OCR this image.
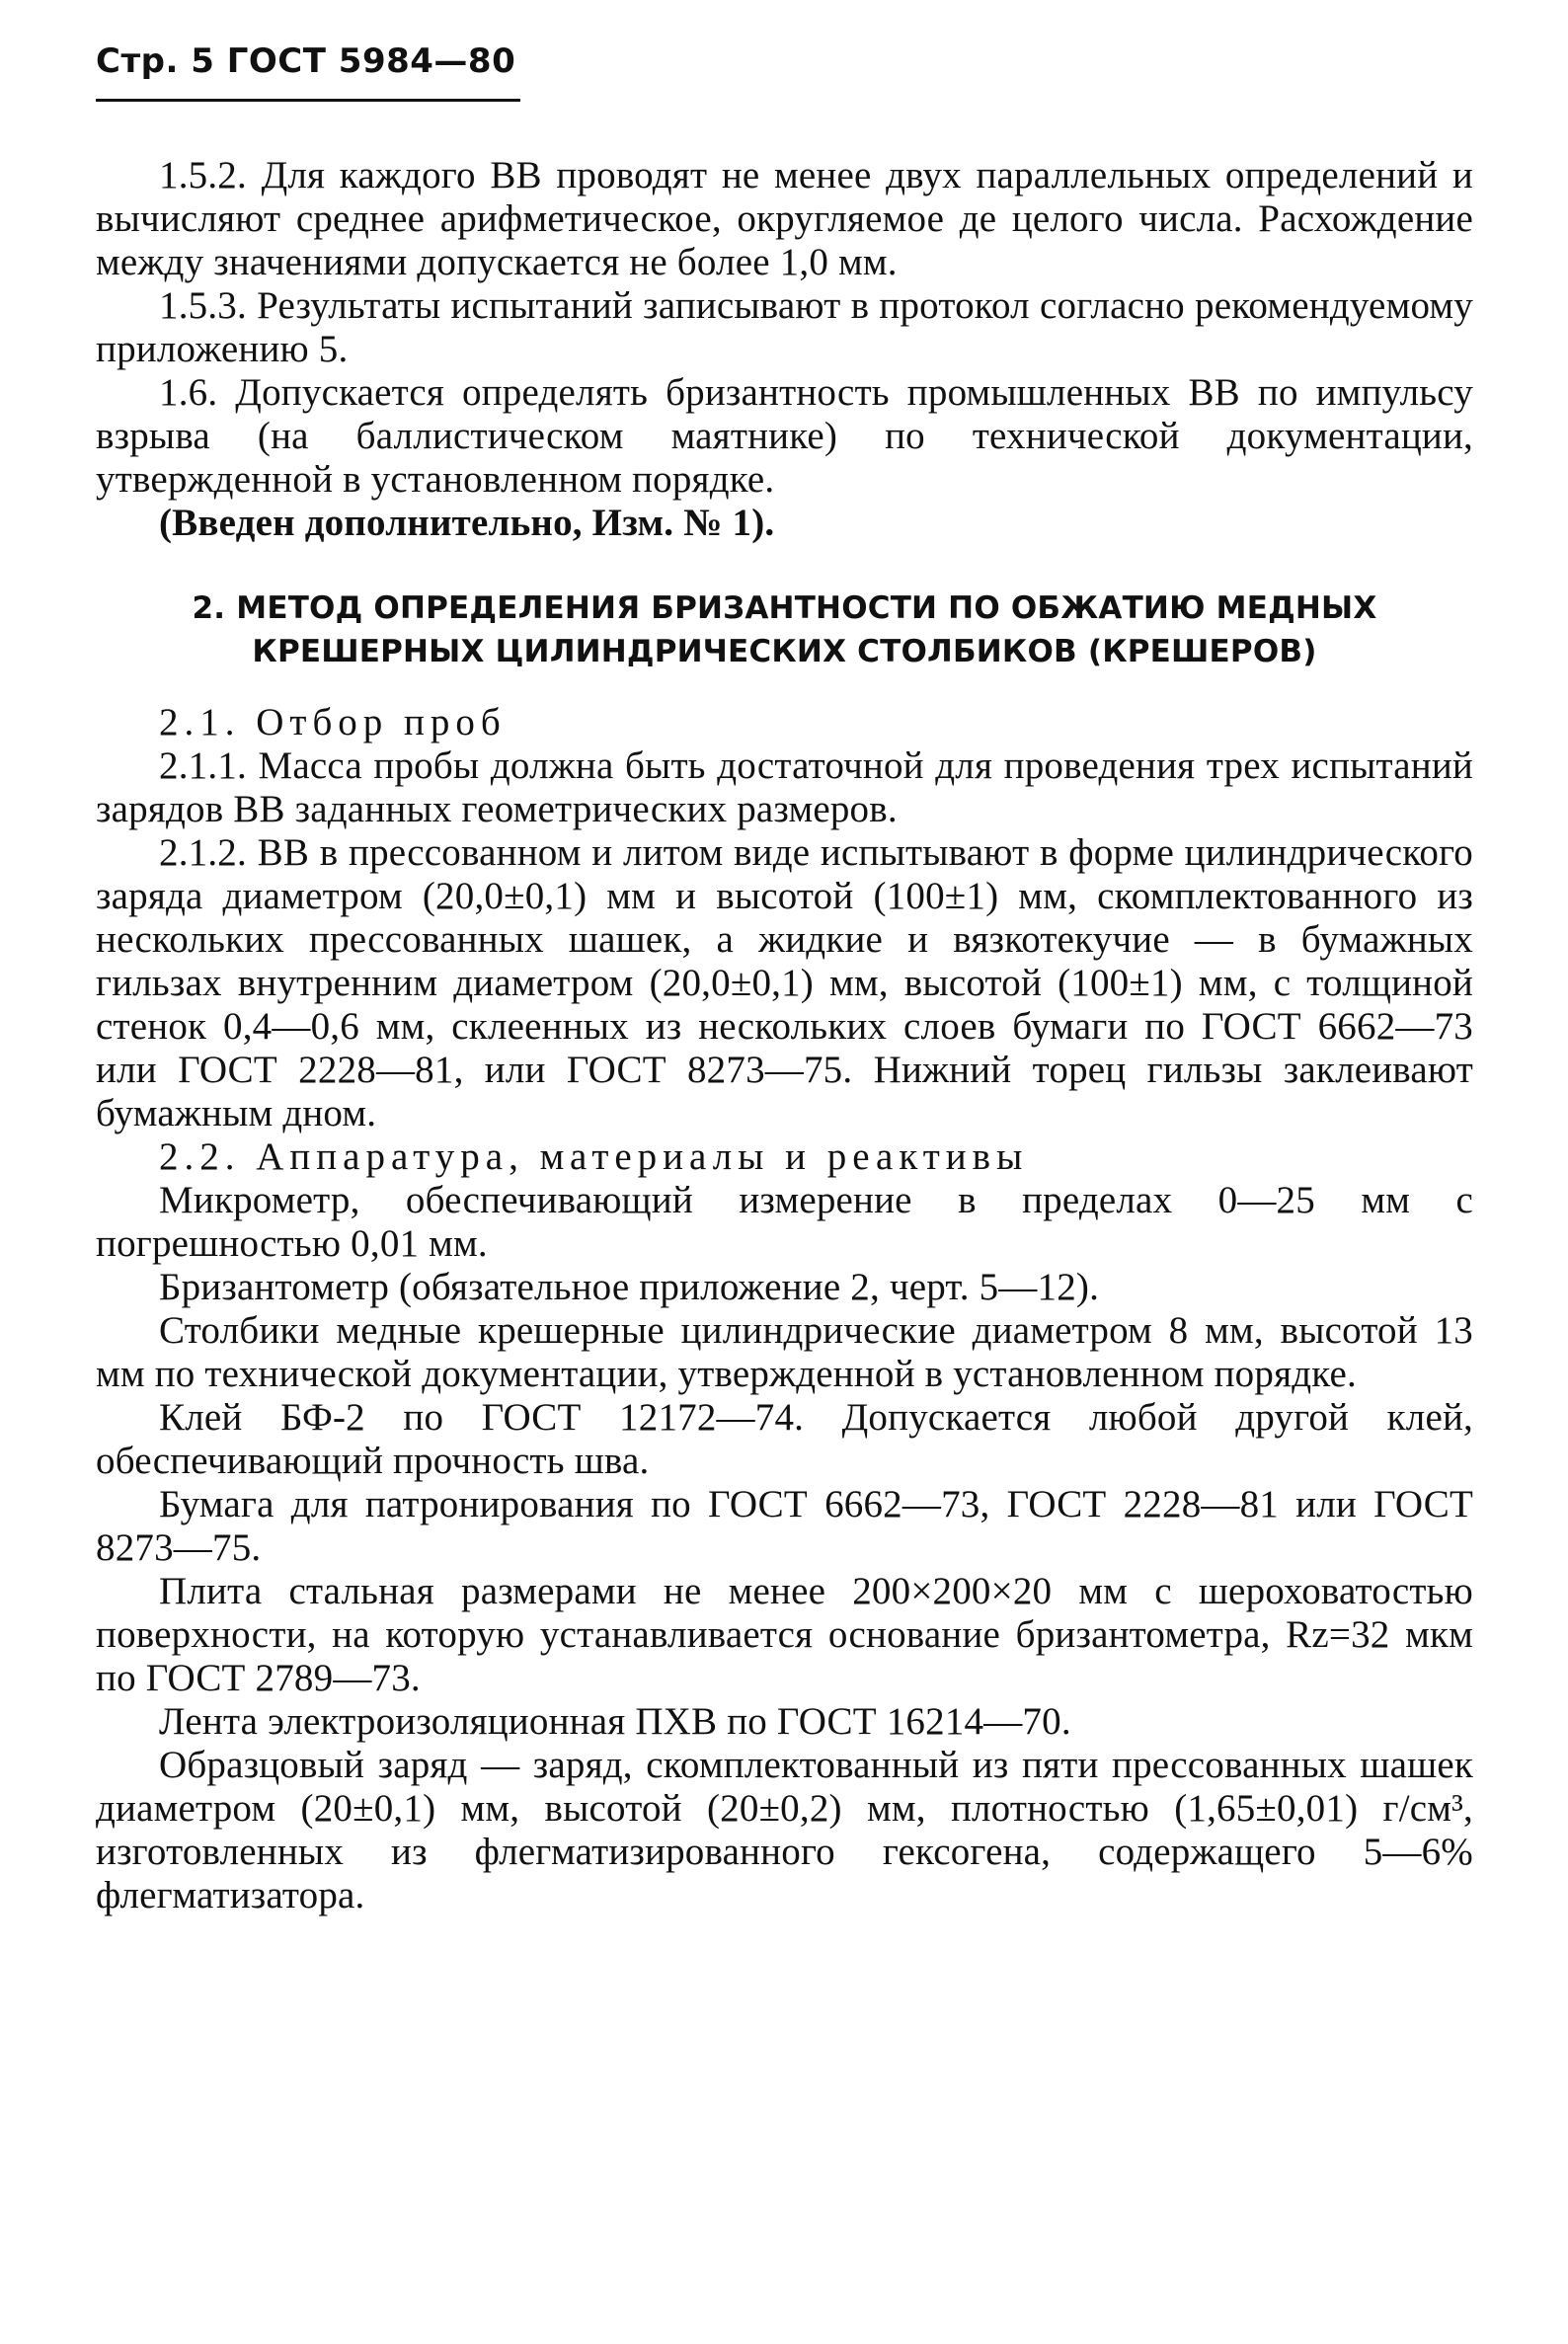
Стр. 5 ГОСТ 5984—80

1.5.2. Для каждого ВВ проводят не менее двух параллельных определений и вычисляют среднее арифметическое, округляемое де целого числа. Расхождение между значениями допускается не более 1,0 мм.

1.5.3. Результаты испытаний записывают в протокол согласно рекомендуемому приложению 5.

1.6. Допускается определять бризантность промышленных ВВ по импульсу взрыва (на баллистическом маятнике) по технической документации, утвержденной в установленном порядке.

(Введен дополнительно, Изм. № 1).

2. МЕТОД ОПРЕДЕЛЕНИЯ БРИЗАНТНОСТИ ПО ОБЖАТИЮ МЕДНЫХ КРЕШЕРНЫХ ЦИЛИНДРИЧЕСКИХ СТОЛБИКОВ (КРЕШЕРОВ)

2.1. Отбор проб

2.1.1. Масса пробы должна быть достаточной для проведения трех испытаний зарядов ВВ заданных геометрических размеров.

2.1.2. ВВ в прессованном и литом виде испытывают в форме цилиндрического заряда диаметром (20,0±0,1) мм и высотой (100±1) мм, скомплектованного из нескольких прессованных шашек, а жидкие и вязкотекучие — в бумажных гильзах внутренним диаметром (20,0±0,1) мм, высотой (100±1) мм, с толщиной стенок 0,4—0,6 мм, склеенных из нескольких слоев бумаги по ГОСТ 6662—73 или ГОСТ 2228—81, или ГОСТ 8273—75. Нижний торец гильзы заклеивают бумажным дном.

2.2. Аппаратура, материалы и реактивы

Микрометр, обеспечивающий измерение в пределах 0—25 мм с погрешностью 0,01 мм.

Бризантометр (обязательное приложение 2, черт. 5—12).

Столбики медные крешерные цилиндрические диаметром 8 мм, высотой 13 мм по технической документации, утвержденной в установленном порядке.

Клей БФ-2 по ГОСТ 12172—74. Допускается любой другой клей, обеспечивающий прочность шва.

Бумага для патронирования по ГОСТ 6662—73, ГОСТ 2228—81 или ГОСТ 8273—75.

Плита стальная размерами не менее 200×200×20 мм с шероховатостью поверхности, на которую устанавливается основание бризантометра, Rz=32 мкм по ГОСТ 2789—73.

Лента электроизоляционная ПХВ по ГОСТ 16214—70.

Образцовый заряд — заряд, скомплектованный из пяти прессованных шашек диаметром (20±0,1) мм, высотой (20±0,2) мм, плотностью (1,65±0,01) г/см³, изготовленных из флегматизированного гексогена, содержащего 5—6% флегматизатора.
